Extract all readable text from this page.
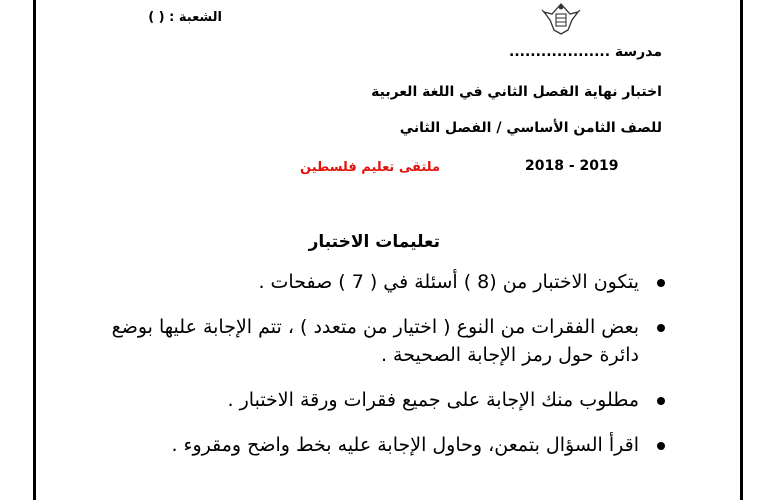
الشعبة : ( )
مدرسة ...................
اختبار نهاية الفصل الثاني في اللغة العربية
للصف الثامن الأساسي / الفصل الثاني
2018 - 2019
ملتقى تعليم فلسطين
تعليمات الاختبار
يتكون الاختبار من (8 ) أسئلة في ( 7 ) صفحات .
بعض الفقرات من النوع ( اختيار من متعدد ) ، تتم الإجابة عليها بوضع دائرة حول رمز الإجابة الصحيحة .
مطلوب منك الإجابة على جميع فقرات ورقة الاختبار .
اقرأ السؤال بتمعن، وحاول الإجابة عليه بخط واضح ومقروء .
